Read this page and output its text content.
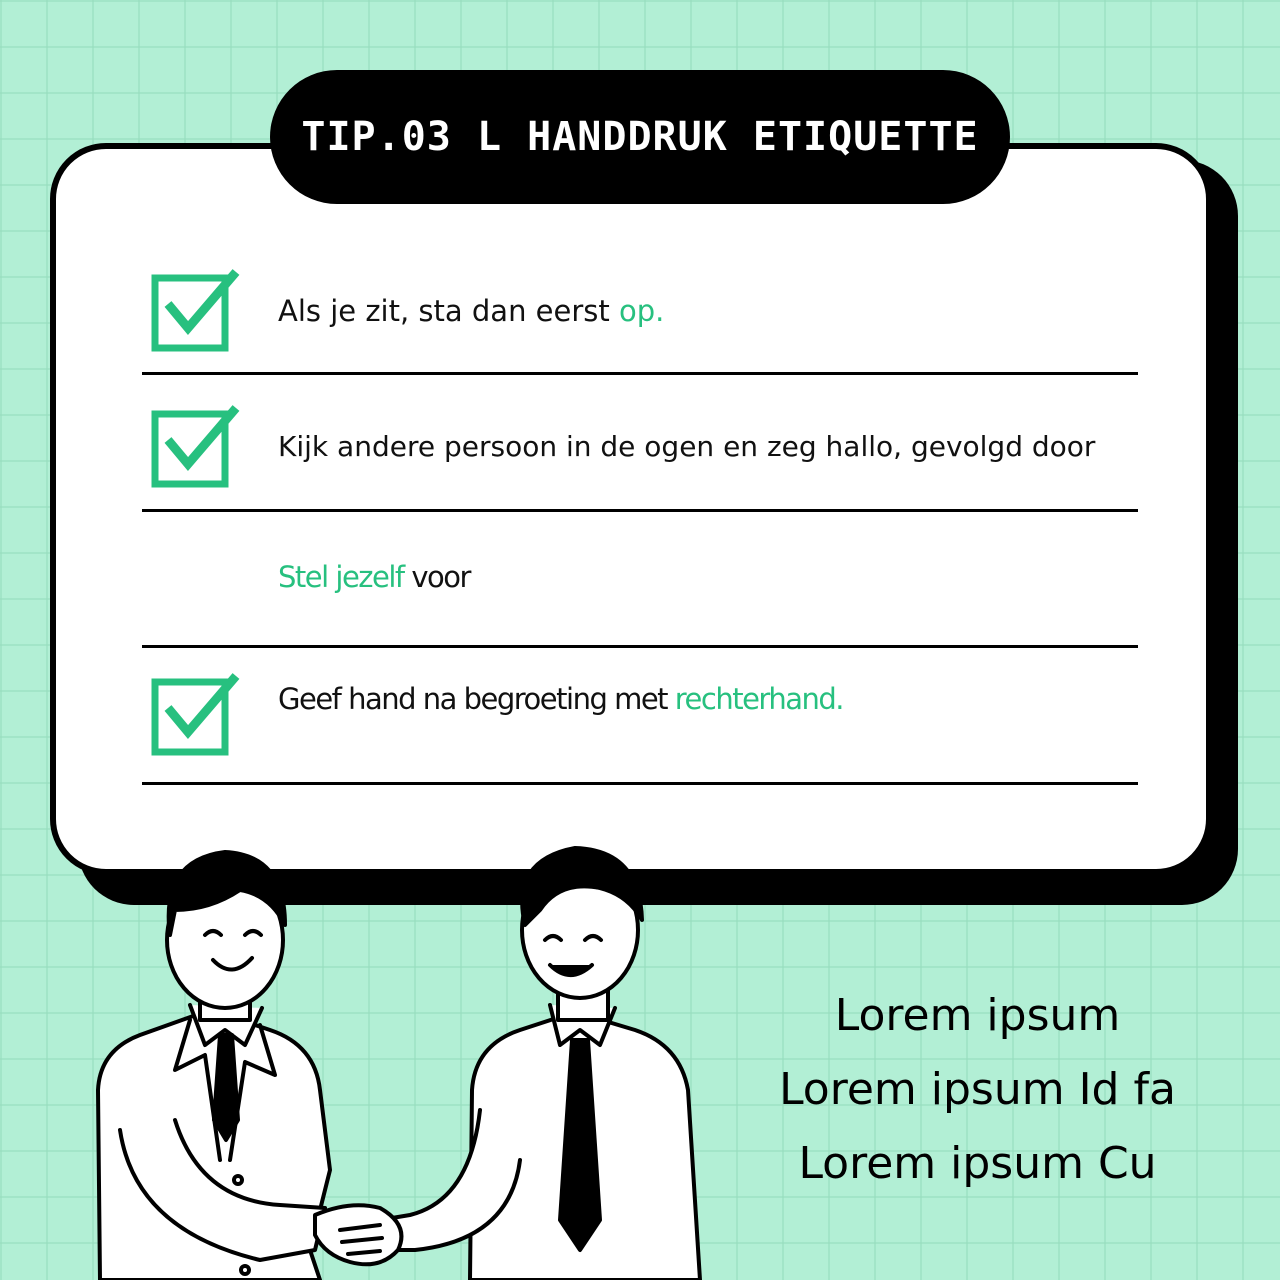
TIP.03 L HANDDRUK ETIQUETTE
Als je zit, sta dan eerst op.
Kijk andere persoon in de ogen en zeg hallo, gevolgd door
Stel jezelf voor
Geef hand na begroeting met rechterhand.
Lorem ipsum
Lorem ipsum Id fa
Lorem ipsum Cu
